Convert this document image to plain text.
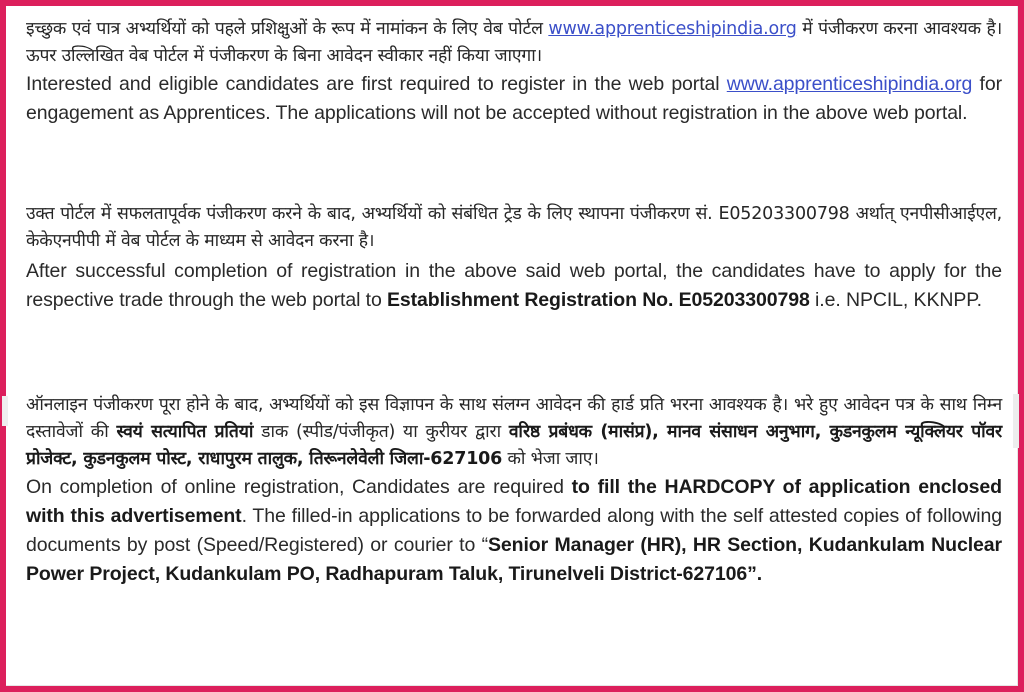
इच्छुक एवं पात्र अभ्यर्थियों को पहले प्रशिक्षुओं के रूप में नामांकन के लिए वेब पोर्टल www.apprenticeshipindia.org में पंजीकरण करना आवश्यक है। ऊपर उल्लिखित वेब पोर्टल में पंजीकरण के बिना आवेदन स्वीकार नहीं किया जाएगा।

Interested and eligible candidates are first required to register in the web portal www.apprenticeshipindia.org for engagement as Apprentices. The applications will not be accepted without registration in the above web portal.

उक्त पोर्टल में सफलतापूर्वक पंजीकरण करने के बाद, अभ्यर्थियों को संबंधित ट्रेड के लिए स्थापना पंजीकरण सं. E05203300798 अर्थात् एनपीसीआईएल, केकेएनपीपी में वेब पोर्टल के माध्यम से आवेदन करना है।

After successful completion of registration in the above said web portal, the candidates have to apply for the respective trade through the web portal to Establishment Registration No. E05203300798 i.e. NPCIL, KKNPP.

ऑनलाइन पंजीकरण पूरा होने के बाद, अभ्यर्थियों को इस विज्ञापन के साथ संलग्न आवेदन की हार्ड प्रति भरना आवश्यक है। भरे हुए आवेदन पत्र के साथ निम्न दस्तावेजों की स्वयं सत्यापित प्रतियां डाक (स्पीड/पंजीकृत) या कुरीयर द्वारा वरिष्ठ प्रबंधक (मासंप्र), मानव संसाधन अनुभाग, कुडनकुलम न्यूक्लियर पॉवर प्रोजेक्ट, कुडनकुलम पोस्ट, राधापुरम तालुक, तिरूनलेवेली जिला-627106 को भेजा जाए।

On completion of online registration, Candidates are required to fill the HARDCOPY of application enclosed with this advertisement. The filled-in applications to be forwarded along with the self attested copies of following documents by post (Speed/Registered) or courier to “Senior Manager (HR), HR Section, Kudankulam Nuclear Power Project, Kudankulam PO, Radhapuram Taluk, Tirunelveli District-627106”.
